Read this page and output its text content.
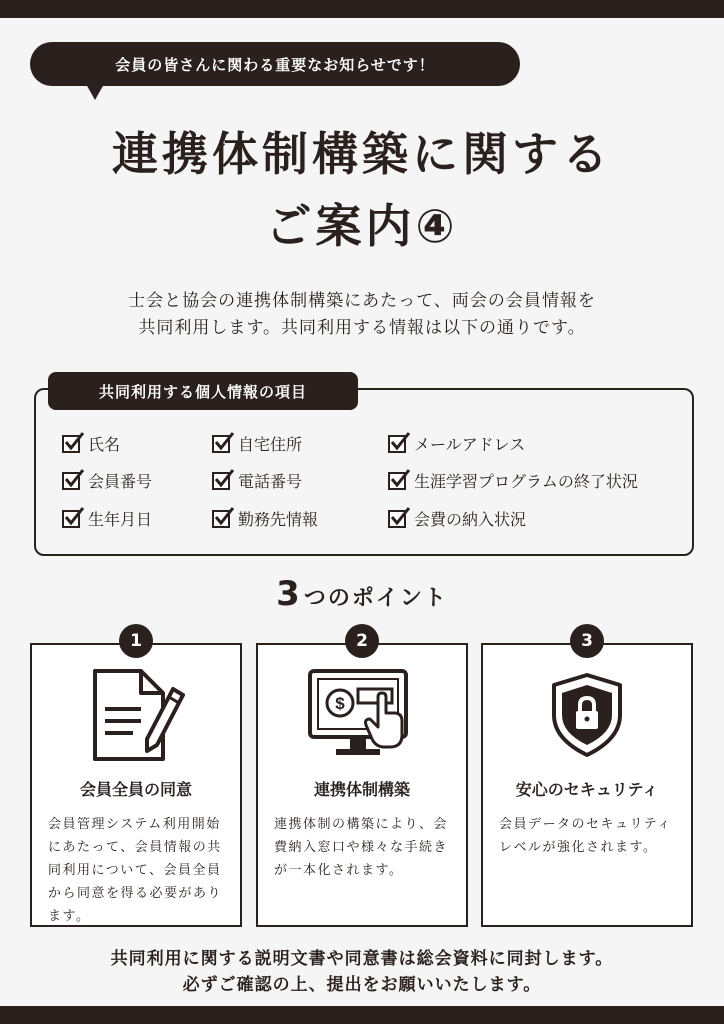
会員の皆さんに関わる重要なお知らせです！
連携体制構築に関する
ご案内④
士会と協会の連携体制構築にあたって、両会の会員情報を
共同利用します。共同利用する情報は以下の通りです。
共同利用する個人情報の項目
氏名
会員番号
生年月日
自宅住所
電話番号
勤務先情報
メールアドレス
生涯学習プログラムの終了状況
会費の納入状況
3つのポイント
会員全員の同意
会員管理システム利用開始にあたって、会員情報の共同利用について、会員全員から同意を得る必要があります。
1
$
連携体制構築
連携体制の構築により、会費納入窓口や様々な手続きが一本化されます。
2
安心のセキュリティ
会員データのセキュリティレベルが強化されます。
3
共同利用に関する説明文書や同意書は総会資料に同封します。
必ずご確認の上、提出をお願いいたします。
